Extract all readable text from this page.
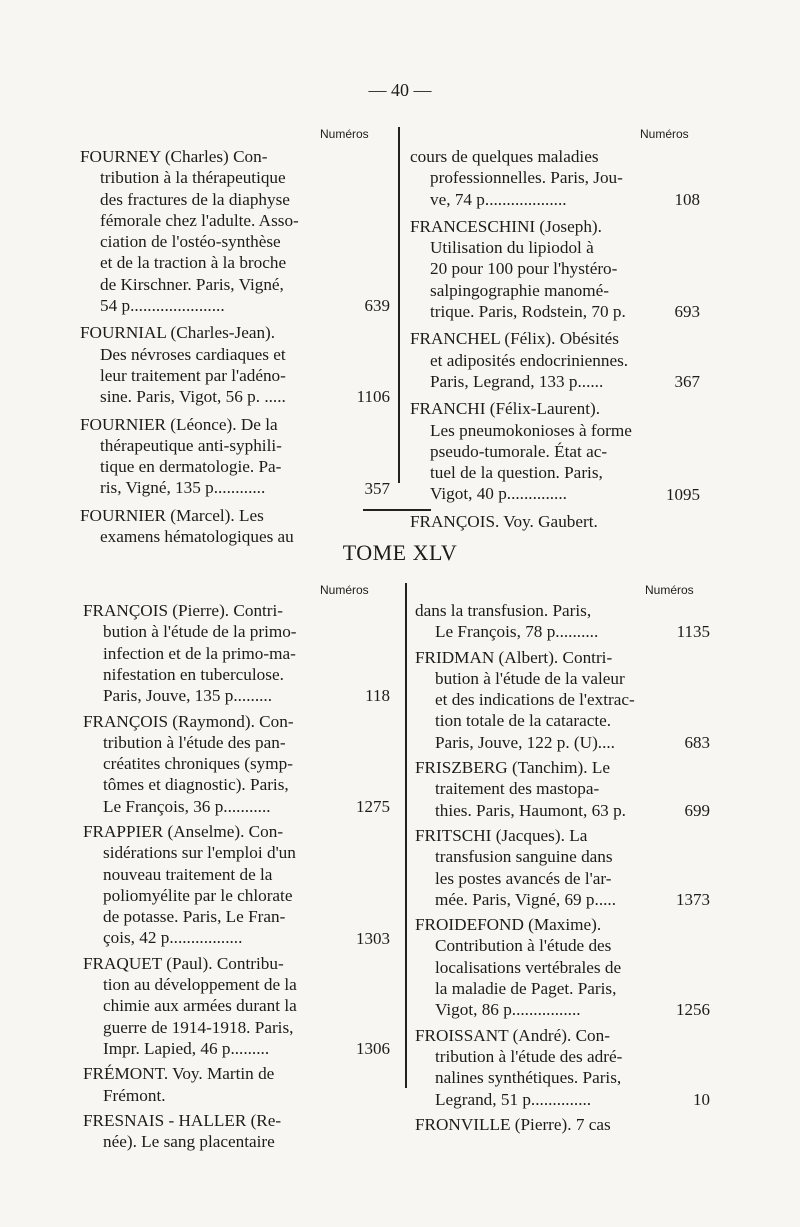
— 40 —
Numéros	Numéros
TOME XLV
Numéros	Numéros
FOURNEY (Charles) Con-
tribution à la thérapeutique
des fractures de la diaphyse
fémorale chez l'adulte. Asso-
ciation de l'ostéo-synthèse
et de la traction à la broche
de Kirschner. Paris, Vigné,
54 p......................	639
FOURNIAL (Charles-Jean).
Des névroses cardiaques et
leur traitement par l'adéno-
sine. Paris, Vigot, 56 p. .....	1106
FOURNIER (Léonce). De la
thérapeutique anti-syphili-
tique en dermatologie. Pa-
ris, Vigné, 135 p............	357
FOURNIER (Marcel). Les
examens hématologiques au
cours de quelques maladies
professionnelles. Paris, Jou-
ve, 74 p...................	108
FRANCESCHINI (Joseph).
Utilisation du lipiodol à
20 pour 100 pour l'hystéro-
salpingographie manomé-
trique. Paris, Rodstein, 70 p.	693
FRANCHEL (Félix). Obésités
et adiposités endocriniennes.
Paris, Legrand, 133 p......	367
FRANCHI (Félix-Laurent).
Les pneumokonioses à forme
pseudo-tumorale. État ac-
tuel de la question. Paris,
Vigot, 40 p..............	1095
FRANÇOIS. Voy. Gaubert.
FRANÇOIS (Pierre). Contri-
bution à l'étude de la primo-
infection et de la primo-ma-
nifestation en tuberculose.
Paris, Jouve, 135 p.........	118
FRANÇOIS (Raymond). Con-
tribution à l'étude des pan-
créatites chroniques (symp-
tômes et diagnostic). Paris,
Le François, 36 p...........	1275
FRAPPIER (Anselme). Con-
sidérations sur l'emploi d'un
nouveau traitement de la
poliomyélite par le chlorate
de potasse. Paris, Le Fran-
çois, 42 p.................	1303
FRAQUET (Paul). Contribu-
tion au développement de la
chimie aux armées durant la
guerre de 1914-1918. Paris,
Impr. Lapied, 46 p.........	1306
FRÉMONT. Voy. Martin de
Frémont.
FRESNAIS - HALLER (Re-
née). Le sang placentaire
dans la transfusion. Paris,
Le François, 78 p..........	1135
FRIDMAN (Albert). Contri-
bution à l'étude de la valeur
et des indications de l'extrac-
tion totale de la cataracte.
Paris, Jouve, 122 p. (U)....	683
FRISZBERG (Tanchim). Le
traitement des mastopa-
thies. Paris, Haumont, 63 p.	699
FRITSCHI (Jacques). La
transfusion sanguine dans
les postes avancés de l'ar-
mée. Paris, Vigné, 69 p.....	1373
FROIDEFOND (Maxime).
Contribution à l'étude des
localisations vertébrales de
la maladie de Paget. Paris,
Vigot, 86 p................	1256
FROISSANT (André). Con-
tribution à l'étude des adré-
nalines synthétiques. Paris,
Legrand, 51 p..............	10
FRONVILLE (Pierre). 7 cas
